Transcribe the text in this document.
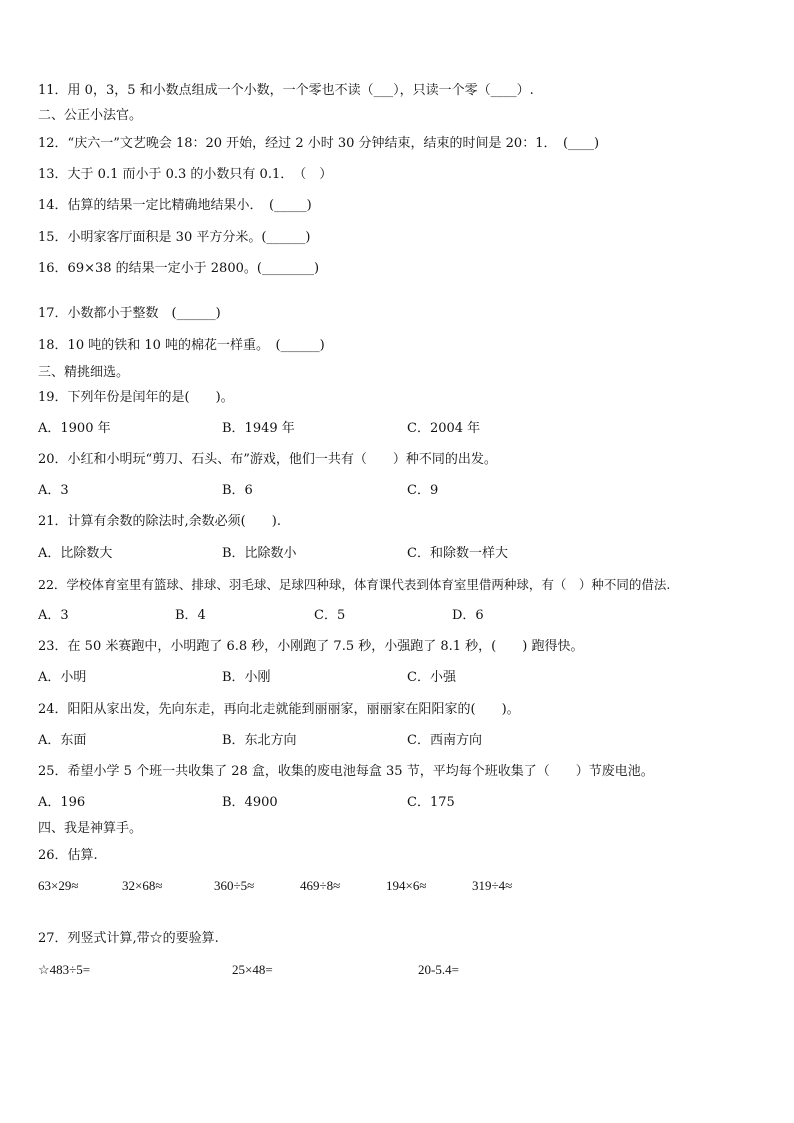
11．用 0，3，5 和小数点组成一个小数，一个零也不读（___），只读一个零（____）.
二、公正小法官。
12．“庆六一”文艺晚会 18：20 开始，经过 2 小时 30 分钟结束，结束的时间是 20：1．　(____)
13．大于 0.1 而小于 0.3 的小数只有 0.1．　（　）
14．估算的结果一定比精确地结果小．　(_____)
15．小明家客厅面积是 30 平方分米。(______)
16．69×38 的结果一定小于 2800。(________)
17．小数都小于整数　(______)
18．10 吨的铁和 10 吨的棉花一样重。　(______)
三、精挑细选。
19．下列年份是闰年的是(　　)。
A．1900 年	B．1949 年	C．2004 年
20．小红和小明玩“剪刀、石头、布”游戏，他们一共有（　　）种不同的出发。
A．3	B．6	C．9
21．计算有余数的除法时,余数必须(　　).
A．比除数大	B．比除数小	C．和除数一样大
22．学校体育室里有篮球、排球、羽毛球、足球四种球，体育课代表到体育室里借两种球，有（　）种不同的借法.
A．3	B．4	C．5	D．6
23．在 50 米赛跑中，小明跑了 6.8 秒，小刚跑了 7.5 秒，小强跑了 8.1 秒，(　　) 跑得快。
A．小明	B．小刚	C．小强
24．阳阳从家出发，先向东走，再向北走就能到丽丽家，丽丽家在阳阳家的(　　)。
A．东面	B．东北方向	C．西南方向
25．希望小学 5 个班一共收集了 28 盒，收集的废电池每盒 35 节，平均每个班收集了（　　）节废电池。
A．196	B．4900	C．175
四、我是神算手。
26．估算.
63×29≈	32×68≈	360÷5≈	469÷8≈	194×6≈	319÷4≈
27．列竖式计算,带☆的要验算.
☆483÷5=	25×48=	20-5.4=
